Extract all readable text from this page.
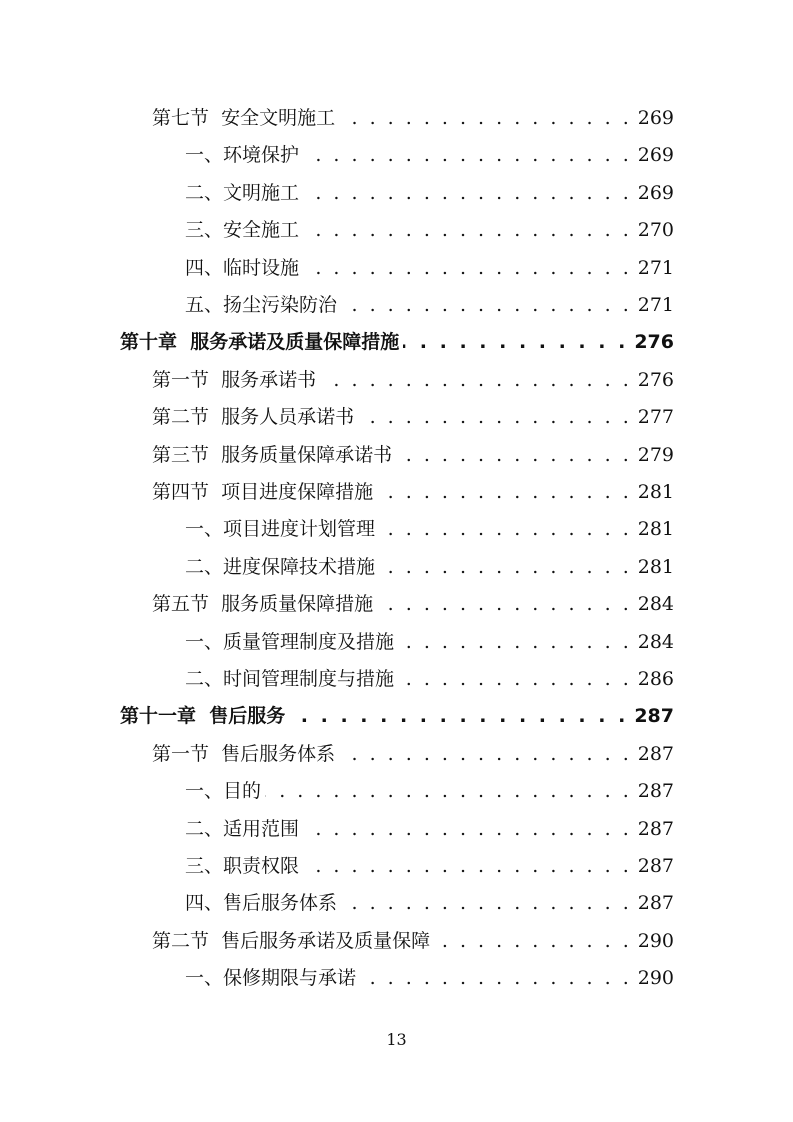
第七节  安全文明施工 . . .	269
一、环境保护 . . .	269
二、文明施工 . . .	269
三、安全施工 . . .	270
四、临时设施 . . .	271
五、扬尘污染防治 . . .	271
第十章  服务承诺及质量保障措施 . . .	276
第一节  服务承诺书 . . .	276
第二节  服务人员承诺书 . . .	277
第三节  服务质量保障承诺书 . . .	279
第四节  项目进度保障措施 . . .	281
一、项目进度计划管理 . . .	281
二、进度保障技术措施 . . .	281
第五节  服务质量保障措施 . . .	284
一、质量管理制度及措施 . . .	284
二、时间管理制度与措施 . . .	286
第十一章  售后服务 . . .	287
第一节  售后服务体系 . . .	287
一、目的 . . .	287
二、适用范围 . . .	287
三、职责权限 . . .	287
四、售后服务体系 . . .	287
第二节  售后服务承诺及质量保障 . . .	290
一、保修期限与承诺 . . .	290
13
